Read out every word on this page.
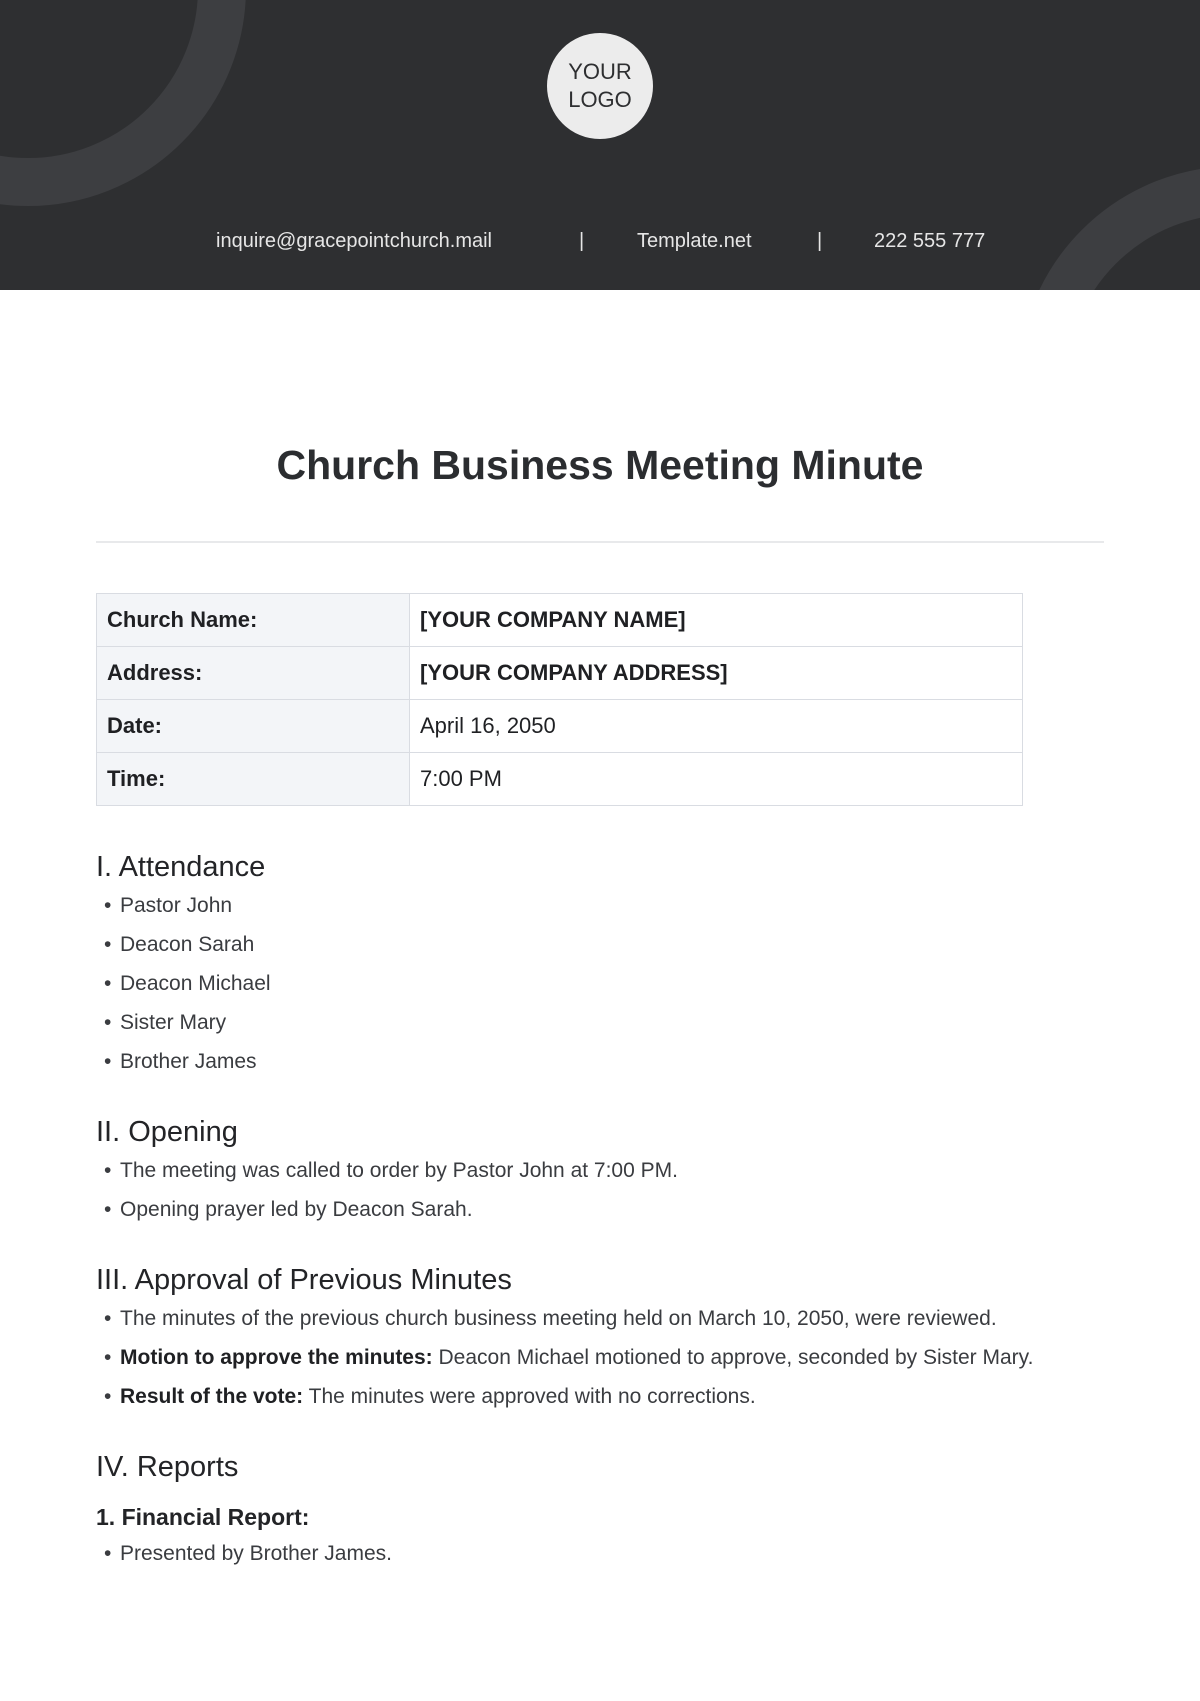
YOUR
LOGO
inquire@gracepointchurch.mail	|	Template.net	|	222 555 777
Church Business Meeting Minute
Church Name:	[YOUR COMPANY NAME]
Address:	[YOUR COMPANY ADDRESS]
Date:	April 16, 2050
Time:	7:00 PM
I. Attendance
• Pastor John
• Deacon Sarah
• Deacon Michael
• Sister Mary
• Brother James
II. Opening
• The meeting was called to order by Pastor John at 7:00 PM.
• Opening prayer led by Deacon Sarah.
III. Approval of Previous Minutes
• The minutes of the previous church business meeting held on March 10, 2050, were reviewed.
• Motion to approve the minutes: Deacon Michael motioned to approve, seconded by Sister Mary.
• Result of the vote: The minutes were approved with no corrections.
IV. Reports
1. Financial Report:
• Presented by Brother James.
